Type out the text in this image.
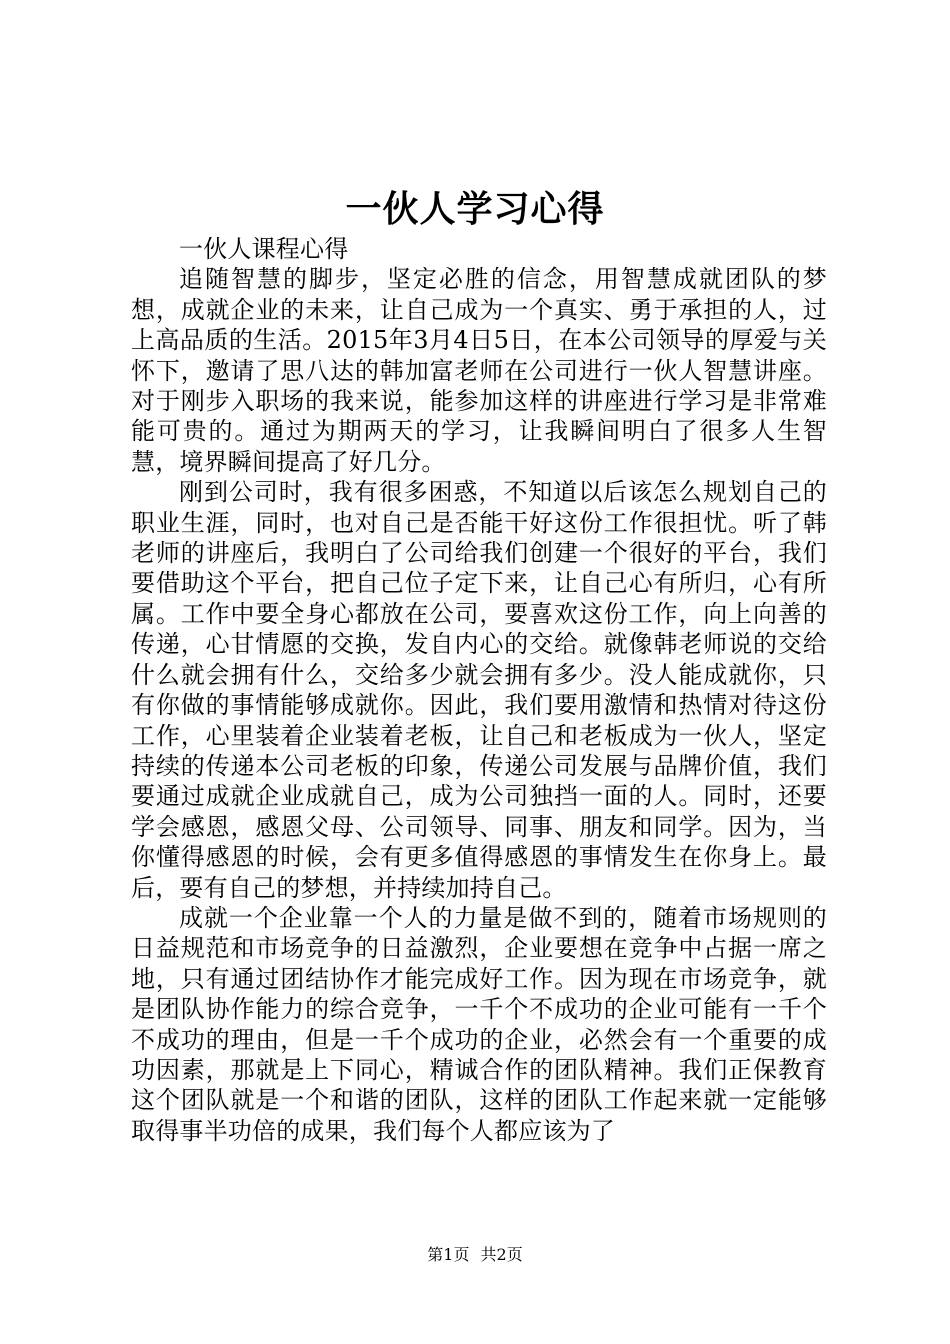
一伙人学习心得

一伙人课程心得

追随智慧的脚步，坚定必胜的信念，用智慧成就团队的梦想，成就企业的未来，让自己成为一个真实、勇于承担的人，过上高品质的生活。2015年3月4日5日，在本公司领导的厚爱与关怀下，邀请了思八达的韩加富老师在公司进行一伙人智慧讲座。对于刚步入职场的我来说，能参加这样的讲座进行学习是非常难能可贵的。通过为期两天的学习，让我瞬间明白了很多人生智慧，境界瞬间提高了好几分。

刚到公司时，我有很多困惑，不知道以后该怎么规划自己的职业生涯，同时，也对自己是否能干好这份工作很担忧。听了韩老师的讲座后，我明白了公司给我们创建一个很好的平台，我们要借助这个平台，把自己位子定下来，让自己心有所归，心有所属。工作中要全身心都放在公司，要喜欢这份工作，向上向善的传递，心甘情愿的交换，发自内心的交给。就像韩老师说的交给什么就会拥有什么，交给多少就会拥有多少。没人能成就你，只有你做的事情能够成就你。因此，我们要用激情和热情对待这份工作，心里装着企业装着老板，让自己和老板成为一伙人，坚定持续的传递本公司老板的印象，传递公司发展与品牌价值，我们要通过成就企业成就自己，成为公司独挡一面的人。同时，还要学会感恩，感恩父母、公司领导、同事、朋友和同学。因为，当你懂得感恩的时候，会有更多值得感恩的事情发生在你身上。最后，要有自己的梦想，并持续加持自己。

成就一个企业靠一个人的力量是做不到的，随着市场规则的日益规范和市场竞争的日益激烈，企业要想在竞争中占据一席之地，只有通过团结协作才能完成好工作。因为现在市场竞争，就是团队协作能力的综合竞争，一千个不成功的企业可能有一千个不成功的理由，但是一千个成功的企业，必然会有一个重要的成功因素，那就是上下同心，精诚合作的团队精神。我们正保教育这个团队就是一个和谐的团队，这样的团队工作起来就一定能够取得事半功倍的成果，我们每个人都应该为了

第1页 共2页
